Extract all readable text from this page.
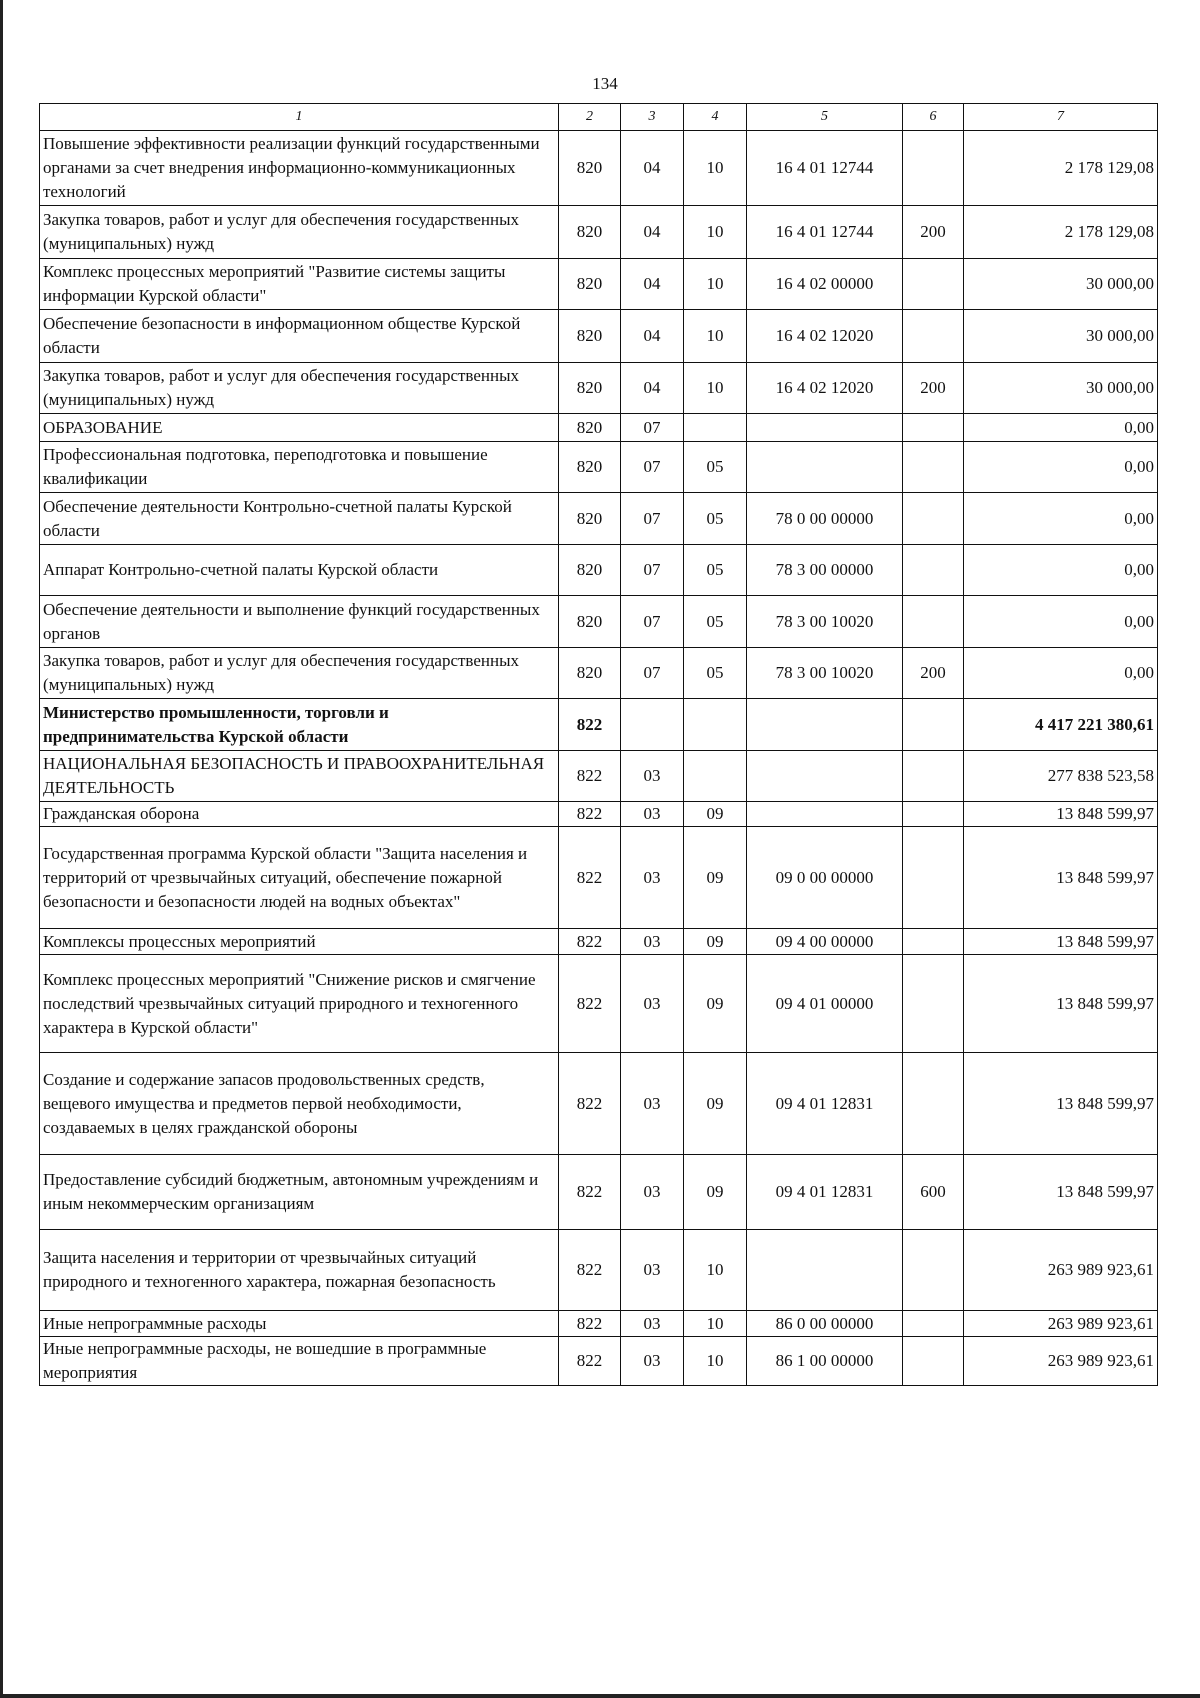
134
1	2	3	4	5	6	7
Повышение эффективности реализации функций государственными органами за счет внедрения информационно-коммуникационных технологий	820	04	10	16 4 01 12744		2 178 129,08
Закупка товаров, работ и услуг для обеспечения государственных (муниципальных) нужд	820	04	10	16 4 01 12744	200	2 178 129,08
Комплекс процессных мероприятий "Развитие системы защиты информации Курской области"	820	04	10	16 4 02 00000		30 000,00
Обеспечение безопасности в информационном обществе Курской области	820	04	10	16 4 02 12020		30 000,00
Закупка товаров, работ и услуг для обеспечения государственных (муниципальных) нужд	820	04	10	16 4 02 12020	200	30 000,00
ОБРАЗОВАНИЕ	820	07				0,00
Профессиональная подготовка, переподготовка и повышение квалификации	820	07	05			0,00
Обеспечение деятельности Контрольно-счетной палаты Курской области	820	07	05	78 0 00 00000		0,00
Аппарат Контрольно-счетной палаты Курской области	820	07	05	78 3 00 00000		0,00
Обеспечение деятельности и выполнение функций государственных органов	820	07	05	78 3 00 10020		0,00
Закупка товаров, работ и услуг для обеспечения государственных (муниципальных) нужд	820	07	05	78 3 00 10020	200	0,00
Министерство промышленности, торговли и предпринимательства Курской области	822					4 417 221 380,61
НАЦИОНАЛЬНАЯ БЕЗОПАСНОСТЬ И ПРАВООХРАНИТЕЛЬНАЯ ДЕЯТЕЛЬНОСТЬ	822	03				277 838 523,58
Гражданская оборона	822	03	09			13 848 599,97
Государственная программа Курской области "Защита населения и территорий от чрезвычайных ситуаций, обеспечение пожарной безопасности и безопасности людей на водных объектах"	822	03	09	09 0 00 00000		13 848 599,97
Комплексы процессных мероприятий	822	03	09	09 4 00 00000		13 848 599,97
Комплекс процессных мероприятий "Снижение рисков и смягчение последствий чрезвычайных ситуаций природного и техногенного характера в Курской области"	822	03	09	09 4 01 00000		13 848 599,97
Создание и содержание запасов продовольственных средств, вещевого имущества и предметов первой необходимости, создаваемых в целях гражданской обороны	822	03	09	09 4 01 12831		13 848 599,97
Предоставление субсидий бюджетным, автономным учреждениям и иным некоммерческим организациям	822	03	09	09 4 01 12831	600	13 848 599,97
Защита населения и территории от чрезвычайных ситуаций природного и техногенного характера, пожарная безопасность	822	03	10			263 989 923,61
Иные непрограммные расходы	822	03	10	86 0 00 00000		263 989 923,61
Иные непрограммные расходы, не вошедшие в программные мероприятия	822	03	10	86 1 00 00000		263 989 923,61
